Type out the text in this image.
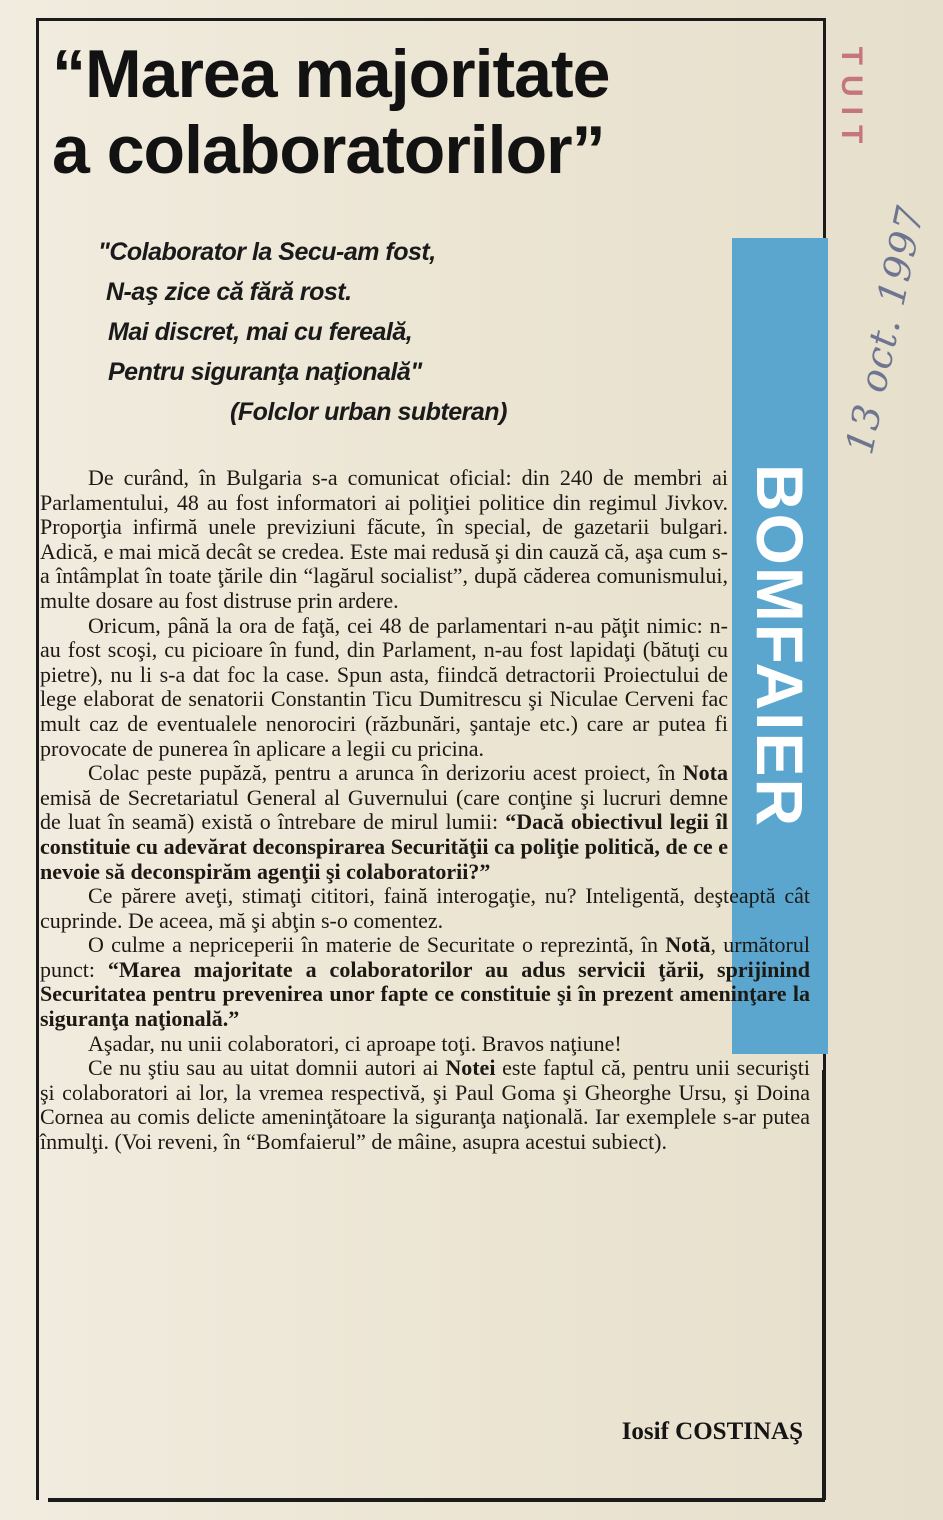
TUIT
13 oct. 1997
“Marea majoritate
a colaboratorilor”
"Colaborator la Secu-am fost,
N-aş zice că fără rost.
Mai discret, mai cu fereală,
Pentru siguranţa naţională"
(Folclor urban subteran)
BOMFAIER

De curând, în Bulgaria s-a comunicat oficial: din 240 de membri ai Parlamentului, 48 au fost informatori ai poliţiei politice din regimul Jivkov. Proporţia infirmă unele previziuni făcute, în special, de gazetarii bulgari. Adică, e mai mică decât se credea. Este mai redusă şi din cauză că, aşa cum s-a întâmplat în toate ţările din “lagărul socialist”, după căderea comunismului, multe dosare au fost distruse prin ardere.

Oricum, până la ora de faţă, cei 48 de parlamentari n-au păţit nimic: n-au fost scoşi, cu picioare în fund, din Parlament, n-au fost lapidaţi (bătuţi cu pietre), nu li s-a dat foc la case. Spun asta, fiindcă detractorii Proiectului de lege elaborat de senatorii Constantin Ticu Dumitrescu şi Niculae Cerveni fac mult caz de eventualele nenorociri (răzbunări, şantaje etc.) care ar putea fi provocate de punerea în aplicare a legii cu pricina.

Colac peste pupăză, pentru a arunca în derizoriu acest proiect, în Nota emisă de Secretariatul General al Guvernului (care conţine şi lucruri demne de luat în seamă) există o întrebare de mirul lumii: “Dacă obiectivul legii îl constituie cu adevărat deconspirarea Securităţii ca poliţie politică, de ce e nevoie să deconspirăm agenţii şi colaboratorii?”

Ce părere aveţi, stimaţi cititori, faină interogaţie, nu? Inteligentă, deşteaptă cât cuprinde. De aceea, mă şi abţin s-o comentez.

O culme a nepriceperii în materie de Securitate o reprezintă, în Notă, următorul punct: “Marea majoritate a colaboratorilor au adus servicii ţării, sprijinind Securitatea pentru prevenirea unor fapte ce constituie şi în prezent ameninţare la siguranţa naţională.”

Aşadar, nu unii colaboratori, ci aproape toţi. Bravos naţiune!

Ce nu ştiu sau au uitat domnii autori ai Notei este faptul că, pentru unii securişti şi colaboratori ai lor, la vremea respectivă, şi Paul Goma şi Gheorghe Ursu, şi Doina Cornea au comis delicte ameninţătoare la siguranţa naţională. Iar exemplele s-ar putea înmulţi. (Voi reveni, în “Bomfaierul” de mâine, asupra acestui subiect).

Iosif COSTINAŞ
